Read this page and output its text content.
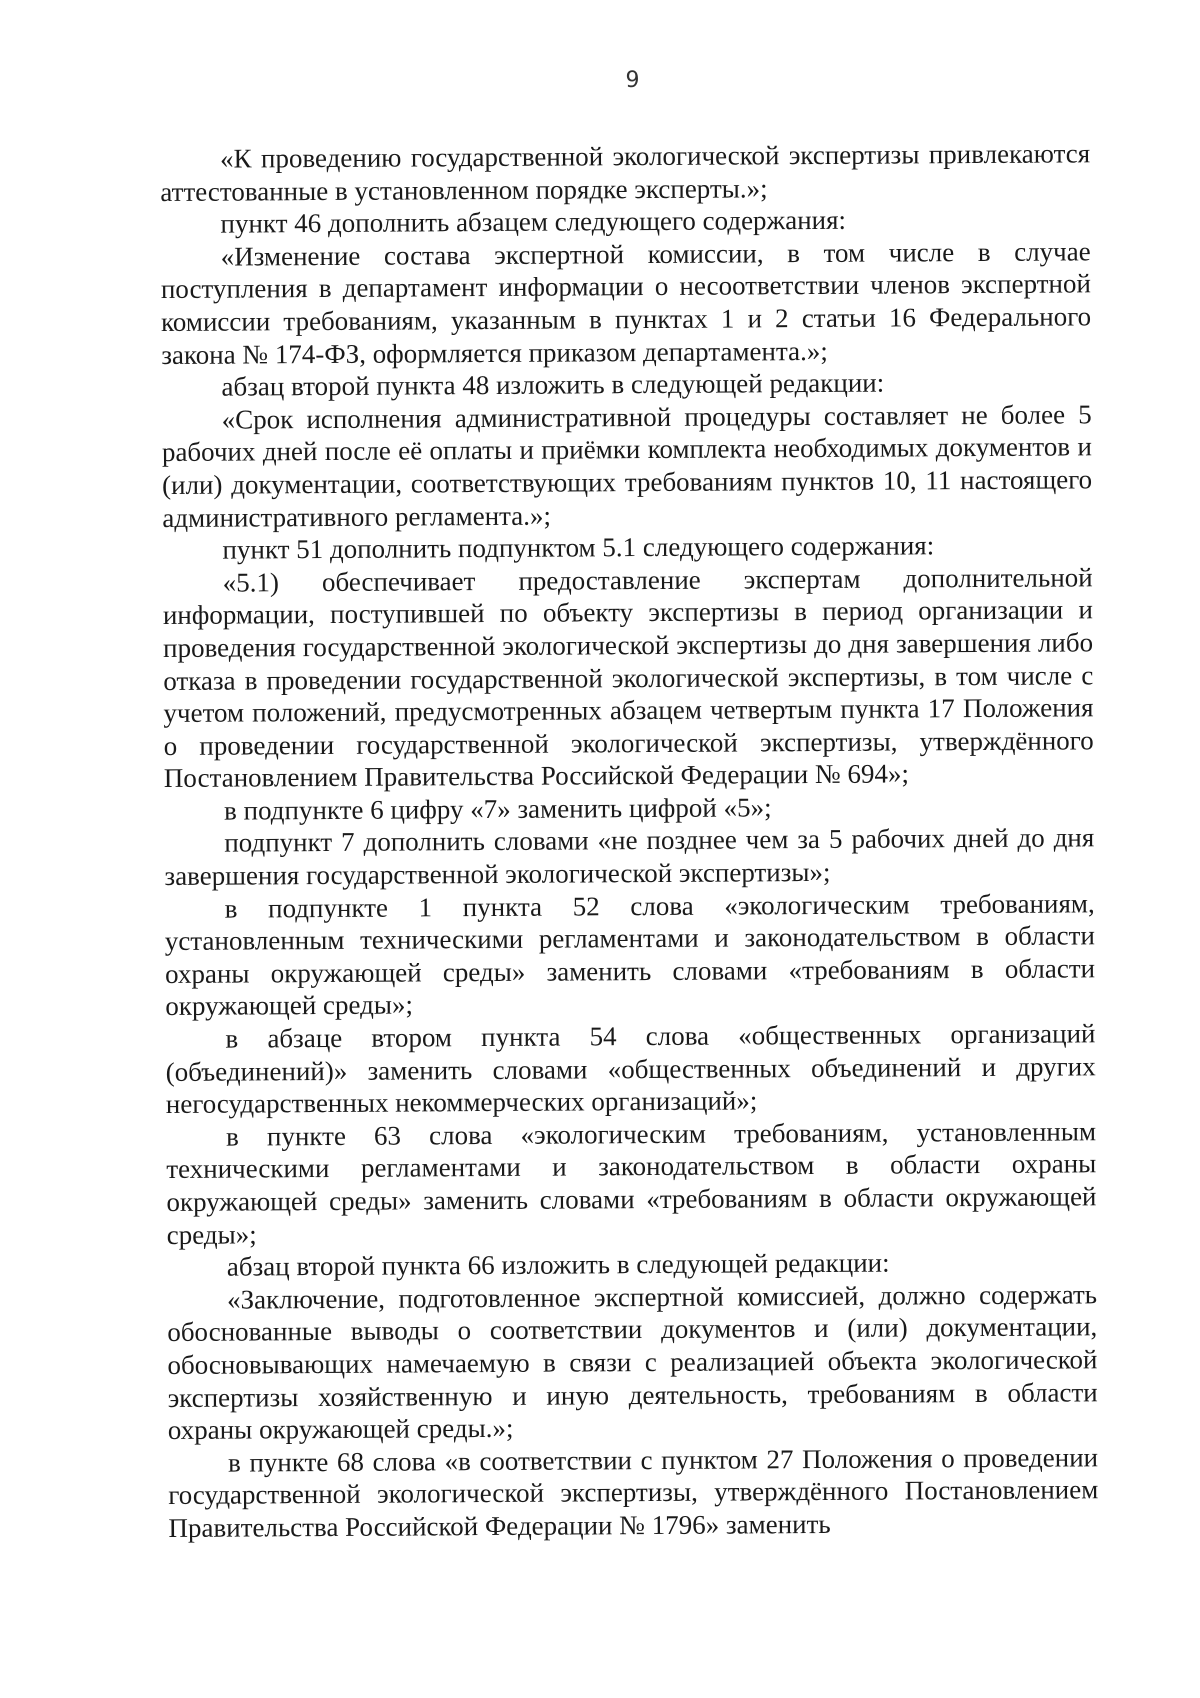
9

«К проведению государственной экологической экспертизы привлекаются аттестованные в установленном порядке эксперты.»;

пункт 46 дополнить абзацем следующего содержания:

«Изменение состава экспертной комиссии, в том числе в случае поступления в департамент информации о несоответствии членов экспертной комиссии требованиям, указанным в пунктах 1 и 2 статьи 16 Федерального закона № 174-ФЗ, оформляется приказом департамента.»;

абзац второй пункта 48 изложить в следующей редакции:

«Срок исполнения административной процедуры составляет не более 5 рабочих дней после её оплаты и приёмки комплекта необходимых документов и (или) документации, соответствующих требованиям пунктов 10, 11 настоящего административного регламента.»;

пункт 51 дополнить подпунктом 5.1 следующего содержания:

«5.1) обеспечивает предоставление экспертам дополнительной информации, поступившей по объекту экспертизы в период организации и проведения государственной экологической экспертизы до дня завершения либо отказа в проведении государственной экологической экспертизы, в том числе с учетом положений, предусмотренных абзацем четвертым пункта 17 Положения о проведении государственной экологической экспертизы, утверждённого Постановлением Правительства Российской Федерации № 694»;

в подпункте 6 цифру «7» заменить цифрой «5»;

подпункт 7 дополнить словами «не позднее чем за 5 рабочих дней до дня завершения государственной экологической экспертизы»;

в подпункте 1 пункта 52 слова «экологическим требованиям, установленным техническими регламентами и законодательством в области охраны окружающей среды» заменить словами «требованиям в области окружающей среды»;

в абзаце втором пункта 54 слова «общественных организаций (объединений)» заменить словами «общественных объединений и других негосударственных некоммерческих организаций»;

в пункте 63 слова «экологическим требованиям, установленным техническими регламентами и законодательством в области охраны окружающей среды» заменить словами «требованиям в области окружающей среды»;

абзац второй пункта 66 изложить в следующей редакции:

«Заключение, подготовленное экспертной комиссией, должно содержать обоснованные выводы о соответствии документов и (или) документации, обосновывающих намечаемую в связи с реализацией объекта экологической экспертизы хозяйственную и иную деятельность, требованиям в области охраны окружающей среды.»;

в пункте 68 слова «в соответствии с пунктом 27 Положения о проведении государственной экологической экспертизы, утверждённого Постановлением Правительства Российской Федерации № 1796» заменить
